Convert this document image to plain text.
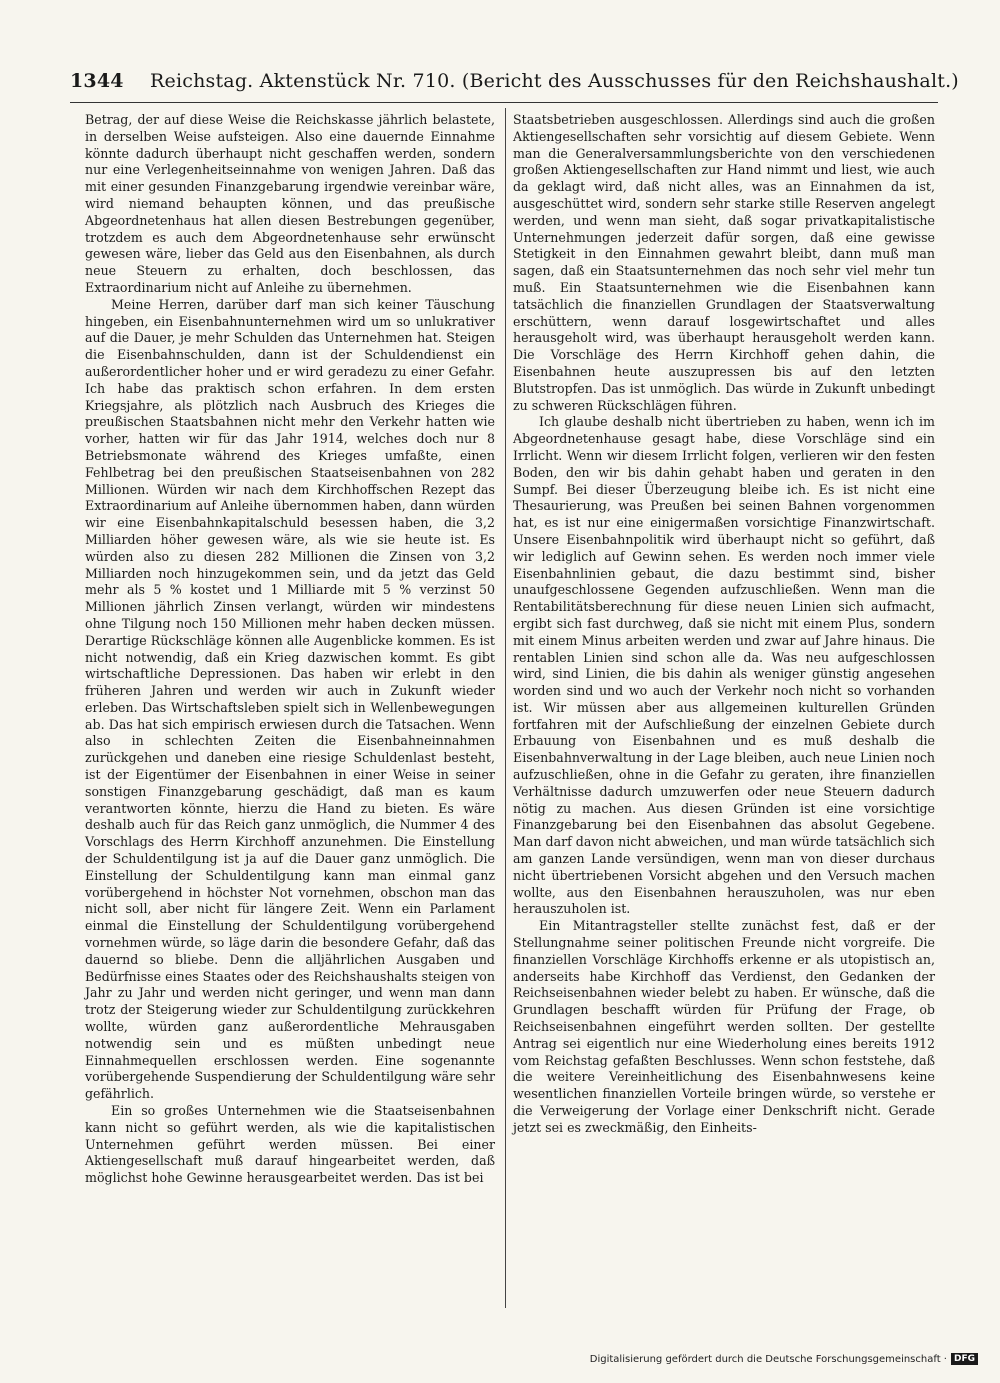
1344 Reichstag. Aktenstück Nr. 710. (Bericht des Ausschusses für den Reichshaushalt.)

Betrag, der auf diese Weise die Reichskasse jährlich belastete, in derselben Weise aufsteigen. Also eine dauernde Einnahme könnte dadurch überhaupt nicht geschaffen werden, sondern nur eine Verlegenheitseinnahme von wenigen Jahren. Daß das mit einer gesunden Finanzgebarung irgendwie vereinbar wäre, wird niemand behaupten können, und das preußische Abgeordnetenhaus hat allen diesen Bestrebungen gegenüber, trotzdem es auch dem Abgeordnetenhause sehr erwünscht gewesen wäre, lieber das Geld aus den Eisenbahnen, als durch neue Steuern zu erhalten, doch beschlossen, das Extraordinarium nicht auf Anleihe zu übernehmen.

Meine Herren, darüber darf man sich keiner Täuschung hingeben, ein Eisenbahnunternehmen wird um so unlukrativer auf die Dauer, je mehr Schulden das Unternehmen hat. Steigen die Eisenbahnschulden, dann ist der Schuldendienst ein außerordentlicher hoher und er wird geradezu zu einer Gefahr. Ich habe das praktisch schon erfahren. In dem ersten Kriegsjahre, als plötzlich nach Ausbruch des Krieges die preußischen Staatsbahnen nicht mehr den Verkehr hatten wie vorher, hatten wir für das Jahr 1914, welches doch nur 8 Betriebsmonate während des Krieges umfaßte, einen Fehlbetrag bei den preußischen Staatseisenbahnen von 282 Millionen. Würden wir nach dem Kirchhoffschen Rezept das Extraordinarium auf Anleihe übernommen haben, dann würden wir eine Eisenbahnkapitalschuld besessen haben, die 3,2 Milliarden höher gewesen wäre, als wie sie heute ist. Es würden also zu diesen 282 Millionen die Zinsen von 3,2 Milliarden noch hinzugekommen sein, und da jetzt das Geld mehr als 5 % kostet und 1 Milliarde mit 5 % verzinst 50 Millionen jährlich Zinsen verlangt, würden wir mindestens ohne Tilgung noch 150 Millionen mehr haben decken müssen. Derartige Rückschläge können alle Augenblicke kommen. Es ist nicht notwendig, daß ein Krieg dazwischen kommt. Es gibt wirtschaftliche Depressionen. Das haben wir erlebt in den früheren Jahren und werden wir auch in Zukunft wieder erleben. Das Wirtschaftsleben spielt sich in Wellenbewegungen ab. Das hat sich empirisch erwiesen durch die Tatsachen. Wenn also in schlechten Zeiten die Eisenbahneinnahmen zurückgehen und daneben eine riesige Schuldenlast besteht, ist der Eigentümer der Eisenbahnen in einer Weise in seiner sonstigen Finanzgebarung geschädigt, daß man es kaum verantworten könnte, hierzu die Hand zu bieten. Es wäre deshalb auch für das Reich ganz unmöglich, die Nummer 4 des Vorschlags des Herrn Kirchhoff anzunehmen. Die Einstellung der Schuldentilgung ist ja auf die Dauer ganz unmöglich. Die Einstellung der Schuldentilgung kann man einmal ganz vorübergehend in höchster Not vornehmen, obschon man das nicht soll, aber nicht für längere Zeit. Wenn ein Parlament einmal die Einstellung der Schuldentilgung vorübergehend vornehmen würde, so läge darin die besondere Gefahr, daß das dauernd so bliebe. Denn die alljährlichen Ausgaben und Bedürfnisse eines Staates oder des Reichshaushalts steigen von Jahr zu Jahr und werden nicht geringer, und wenn man dann trotz der Steigerung wieder zur Schuldentilgung zurückkehren wollte, würden ganz außerordentliche Mehrausgaben notwendig sein und es müßten unbedingt neue Einnahmequellen erschlossen werden. Eine sogenannte vorübergehende Suspendierung der Schuldentilgung wäre sehr gefährlich.

Ein so großes Unternehmen wie die Staatseisenbahnen kann nicht so geführt werden, als wie die kapitalistischen Unternehmen geführt werden müssen. Bei einer Aktiengesellschaft muß darauf hingearbeitet werden, daß möglichst hohe Gewinne herausgearbeitet werden. Das ist bei

Staatsbetrieben ausgeschlossen. Allerdings sind auch die großen Aktiengesellschaften sehr vorsichtig auf diesem Gebiete. Wenn man die Generalversammlungsberichte von den verschiedenen großen Aktiengesellschaften zur Hand nimmt und liest, wie auch da geklagt wird, daß nicht alles, was an Einnahmen da ist, ausgeschüttet wird, sondern sehr starke stille Reserven angelegt werden, und wenn man sieht, daß sogar privatkapitalistische Unternehmungen jederzeit dafür sorgen, daß eine gewisse Stetigkeit in den Einnahmen gewahrt bleibt, dann muß man sagen, daß ein Staatsunternehmen das noch sehr viel mehr tun muß. Ein Staatsunternehmen wie die Eisenbahnen kann tatsächlich die finanziellen Grundlagen der Staatsverwaltung erschüttern, wenn darauf losgewirtschaftet und alles herausgeholt wird, was überhaupt herausgeholt werden kann. Die Vorschläge des Herrn Kirchhoff gehen dahin, die Eisenbahnen heute auszupressen bis auf den letzten Blutstropfen. Das ist unmöglich. Das würde in Zukunft unbedingt zu schweren Rückschlägen führen.

Ich glaube deshalb nicht übertrieben zu haben, wenn ich im Abgeordnetenhause gesagt habe, diese Vorschläge sind ein Irrlicht. Wenn wir diesem Irrlicht folgen, verlieren wir den festen Boden, den wir bis dahin gehabt haben und geraten in den Sumpf. Bei dieser Überzeugung bleibe ich. Es ist nicht eine Thesaurierung, was Preußen bei seinen Bahnen vorgenommen hat, es ist nur eine einigermaßen vorsichtige Finanzwirtschaft. Unsere Eisenbahnpolitik wird überhaupt nicht so geführt, daß wir lediglich auf Gewinn sehen. Es werden noch immer viele Eisenbahnlinien gebaut, die dazu bestimmt sind, bisher unaufgeschlossene Gegenden aufzuschließen. Wenn man die Rentabilitätsberechnung für diese neuen Linien sich aufmacht, ergibt sich fast durchweg, daß sie nicht mit einem Plus, sondern mit einem Minus arbeiten werden und zwar auf Jahre hinaus. Die rentablen Linien sind schon alle da. Was neu aufgeschlossen wird, sind Linien, die bis dahin als weniger günstig angesehen worden sind und wo auch der Verkehr noch nicht so vorhanden ist. Wir müssen aber aus allgemeinen kulturellen Gründen fortfahren mit der Aufschließung der einzelnen Gebiete durch Erbauung von Eisenbahnen und es muß deshalb die Eisenbahnverwaltung in der Lage bleiben, auch neue Linien noch aufzuschließen, ohne in die Gefahr zu geraten, ihre finanziellen Verhältnisse dadurch umzuwerfen oder neue Steuern dadurch nötig zu machen. Aus diesen Gründen ist eine vorsichtige Finanzgebarung bei den Eisenbahnen das absolut Gegebene. Man darf davon nicht abweichen, und man würde tatsächlich sich am ganzen Lande versündigen, wenn man von dieser durchaus nicht übertriebenen Vorsicht abgehen und den Versuch machen wollte, aus den Eisenbahnen herauszuholen, was nur eben herauszuholen ist.

Ein Mitantragsteller stellte zunächst fest, daß er der Stellungnahme seiner politischen Freunde nicht vorgreife. Die finanziellen Vorschläge Kirchhoffs erkenne er als utopistisch an, anderseits habe Kirchhoff das Verdienst, den Gedanken der Reichseisenbahnen wieder belebt zu haben. Er wünsche, daß die Grundlagen beschafft würden für Prüfung der Frage, ob Reichseisenbahnen eingeführt werden sollten. Der gestellte Antrag sei eigentlich nur eine Wiederholung eines bereits 1912 vom Reichstag gefaßten Beschlusses. Wenn schon feststehe, daß die weitere Vereinheitlichung des Eisenbahnwesens keine wesentlichen finanziellen Vorteile bringen würde, so verstehe er die Verweigerung der Vorlage einer Denkschrift nicht. Gerade jetzt sei es zweckmäßig, den Einheits-

Digitalisierung gefördert durch die Deutsche Forschungsgemeinschaft · DFG
